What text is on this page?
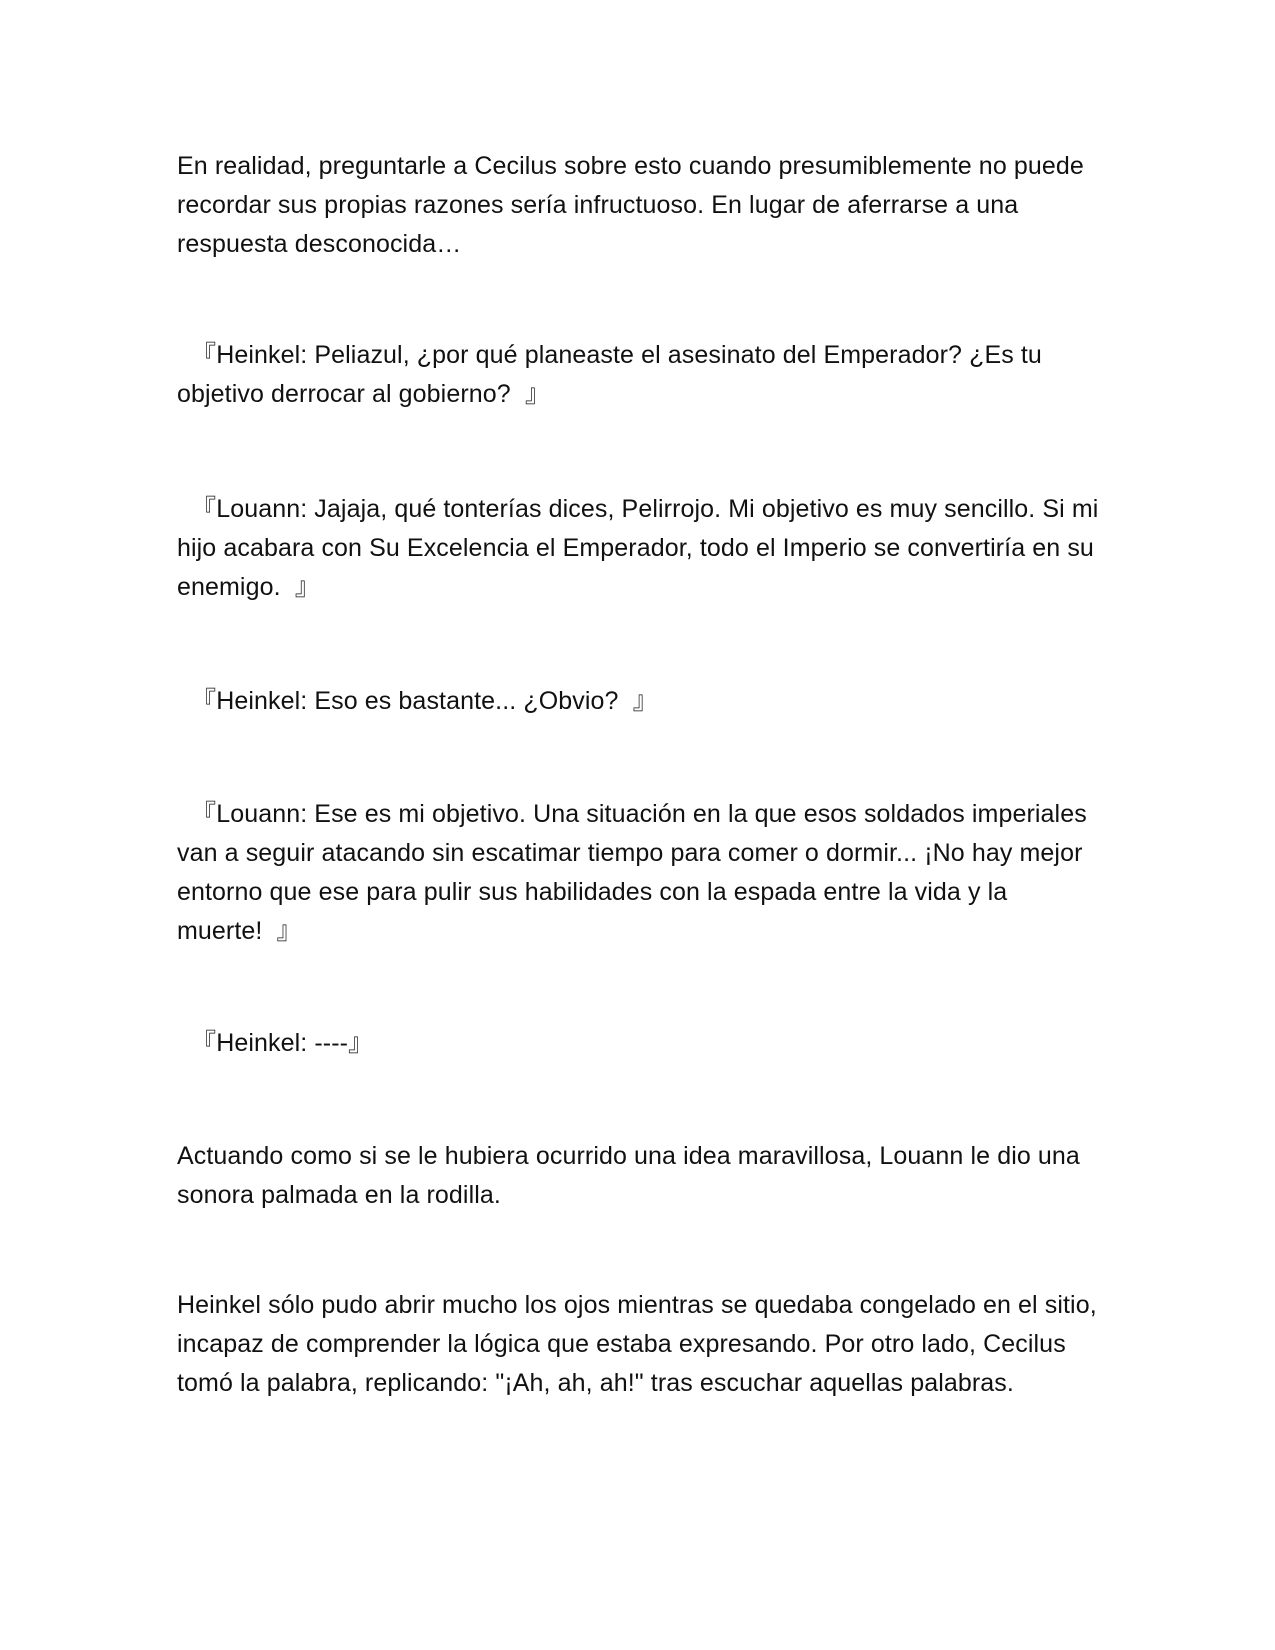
En realidad, preguntarle a Cecilus sobre esto cuando presumiblemente no puede recordar sus propias razones sería infructuoso. En lugar de aferrarse a una respuesta desconocida…

『Heinkel: Peliazul, ¿por qué planeaste el asesinato del Emperador? ¿Es tu objetivo derrocar al gobierno?  』

『Louann: Jajaja, qué tonterías dices, Pelirrojo. Mi objetivo es muy sencillo. Si mi hijo acabara con Su Excelencia el Emperador, todo el Imperio se convertiría en su enemigo.  』

『Heinkel: Eso es bastante... ¿Obvio?  』

『Louann: Ese es mi objetivo. Una situación en la que esos soldados imperiales van a seguir atacando sin escatimar tiempo para comer o dormir... ¡No hay mejor entorno que ese para pulir sus habilidades con la espada entre la vida y la muerte!  』

『Heinkel: ----』

Actuando como si se le hubiera ocurrido una idea maravillosa, Louann le dio una sonora palmada en la rodilla.

Heinkel sólo pudo abrir mucho los ojos mientras se quedaba congelado en el sitio, incapaz de comprender la lógica que estaba expresando. Por otro lado, Cecilus tomó la palabra, replicando: "¡Ah, ah, ah!" tras escuchar aquellas palabras.
